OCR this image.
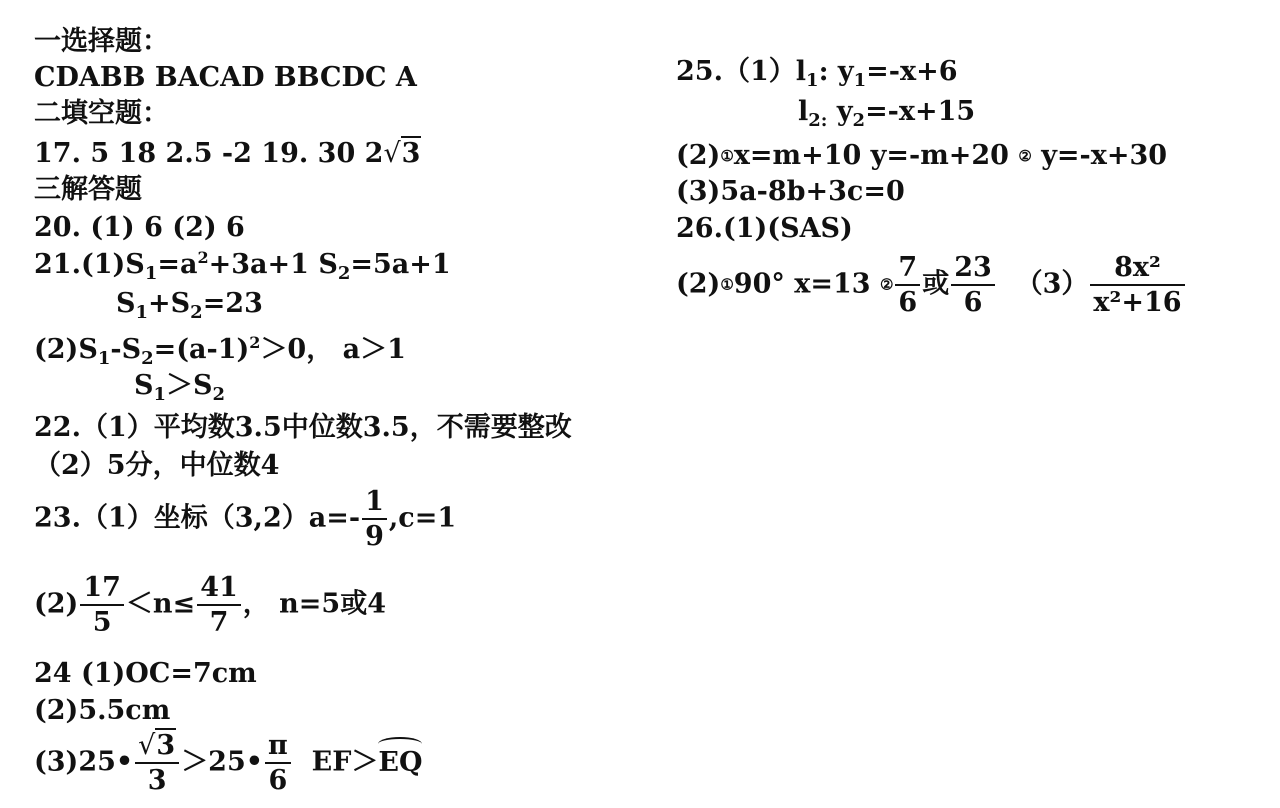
一选择题：
CDABB BACAD BBCDC A
二填空题：
17. 5 18 2.5 -2 19. 30 2√3
三解答题
20. (1) 6 (2) 6
$21.(1)S_1=a^2+3a+1$ $S_2=5a+1$
$S_1+S_2=23$
$(2)S_1-S_2=(a-1)^2>0$， a＞1
$S_1>S_2$
22.（1）平均数3.5中位数3.5，不需要整改
（2）5分，中位数4
23.（1）坐标$(3,2)a=- \frac{1}{9} ,c=1$
$(2) \frac{17}{5} <n\le \frac{41}{7}$ ， n=5或4
24 (1)OC=7cm
(2)5.5cm
(3)25• $\frac{√3}{3}$ ＞25• $\frac{\pi}{6} EF>EQ$
$25.(1)l_1$: $y_1=-x+6$
$l_{2:}$ $y_2=-x+15$
(2)①x=m+10 y=-m+20 ② y=-x+30
(3)5a-8b+3c=0
26.(1)(SAS)
(2)①90° x=13 ② $\frac{7}{6}$ 或 $\frac{23}{6} (3) \frac{\text{8x²}}{\text{x²+16}}$
